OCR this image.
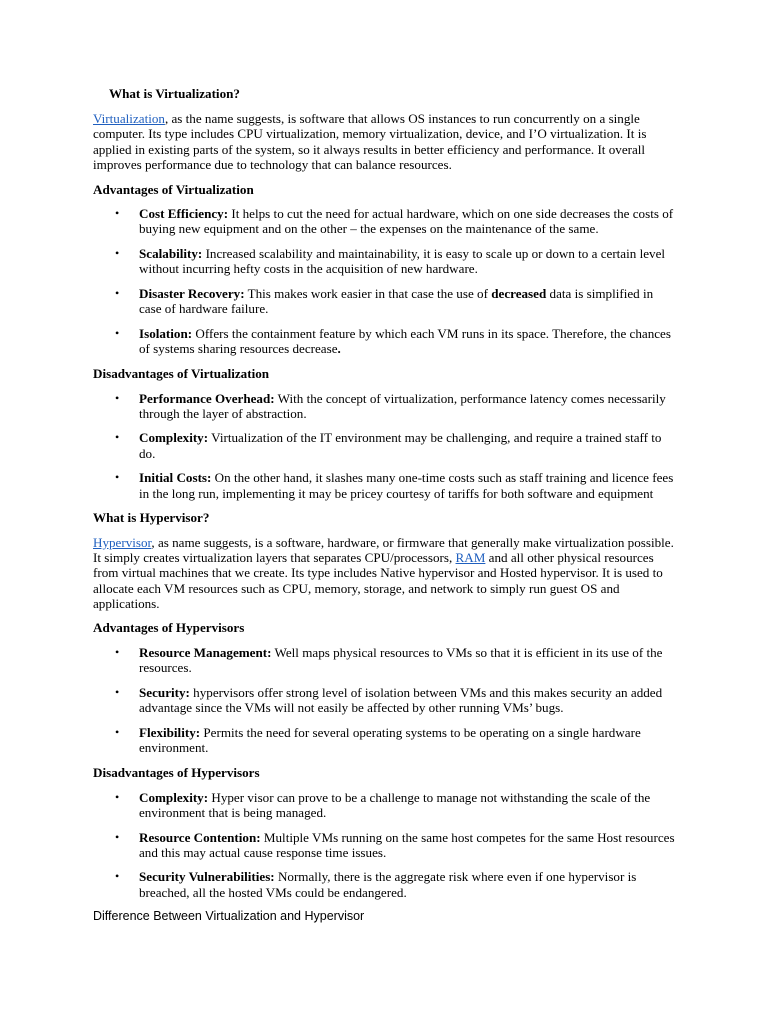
What is Virtualization?

Virtualization, as the name suggests, is software that allows OS instances to run concurrently on a single computer. Its type includes CPU virtualization, memory virtualization, device, and I’O virtualization. It is applied in existing parts of the system, so it always results in better efficiency and performance. It overall improves performance due to technology that can balance resources.

Advantages of Virtualization
• Cost Efficiency: It helps to cut the need for actual hardware, which on one side decreases the costs of buying new equipment and on the other – the expenses on the maintenance of the same.
• Scalability: Increased scalability and maintainability, it is easy to scale up or down to a certain level without incurring hefty costs in the acquisition of new hardware.
• Disaster Recovery: This makes work easier in that case the use of decreased data is simplified in case of hardware failure.
• Isolation: Offers the containment feature by which each VM runs in its space. Therefore, the chances of systems sharing resources decrease.
Disadvantages of Virtualization
• Performance Overhead: With the concept of virtualization, performance latency comes necessarily through the layer of abstraction.
• Complexity: Virtualization of the IT environment may be challenging, and require a trained staff to do.
• Initial Costs: On the other hand, it slashes many one-time costs such as staff training and licence fees in the long run, implementing it may be pricey courtesy of tariffs for both software and equipment
What is Hypervisor?

Hypervisor, as name suggests, is a software, hardware, or firmware that generally make virtualization possible. It simply creates virtualization layers that separates CPU/processors, RAM and all other physical resources from virtual machines that we create. Its type includes Native hypervisor and Hosted hypervisor. It is used to allocate each VM resources such as CPU, memory, storage, and network to simply run guest OS and applications.

Advantages of Hypervisors
• Resource Management: Well maps physical resources to VMs so that it is efficient in its use of the resources.
• Security: hypervisors offer strong level of isolation between VMs and this makes security an added advantage since the VMs will not easily be affected by other running VMs’ bugs.
• Flexibility: Permits the need for several operating systems to be operating on a single hardware environment.
Disadvantages of Hypervisors
• Complexity: Hyper visor can prove to be a challenge to manage not withstanding the scale of the environment that is being managed.
• Resource Contention: Multiple VMs running on the same host competes for the same Host resources and this may actual cause response time issues.
• Security Vulnerabilities: Normally, there is the aggregate risk where even if one hypervisor is breached, all the hosted VMs could be endangered.
Difference Between Virtualization and Hypervisor
